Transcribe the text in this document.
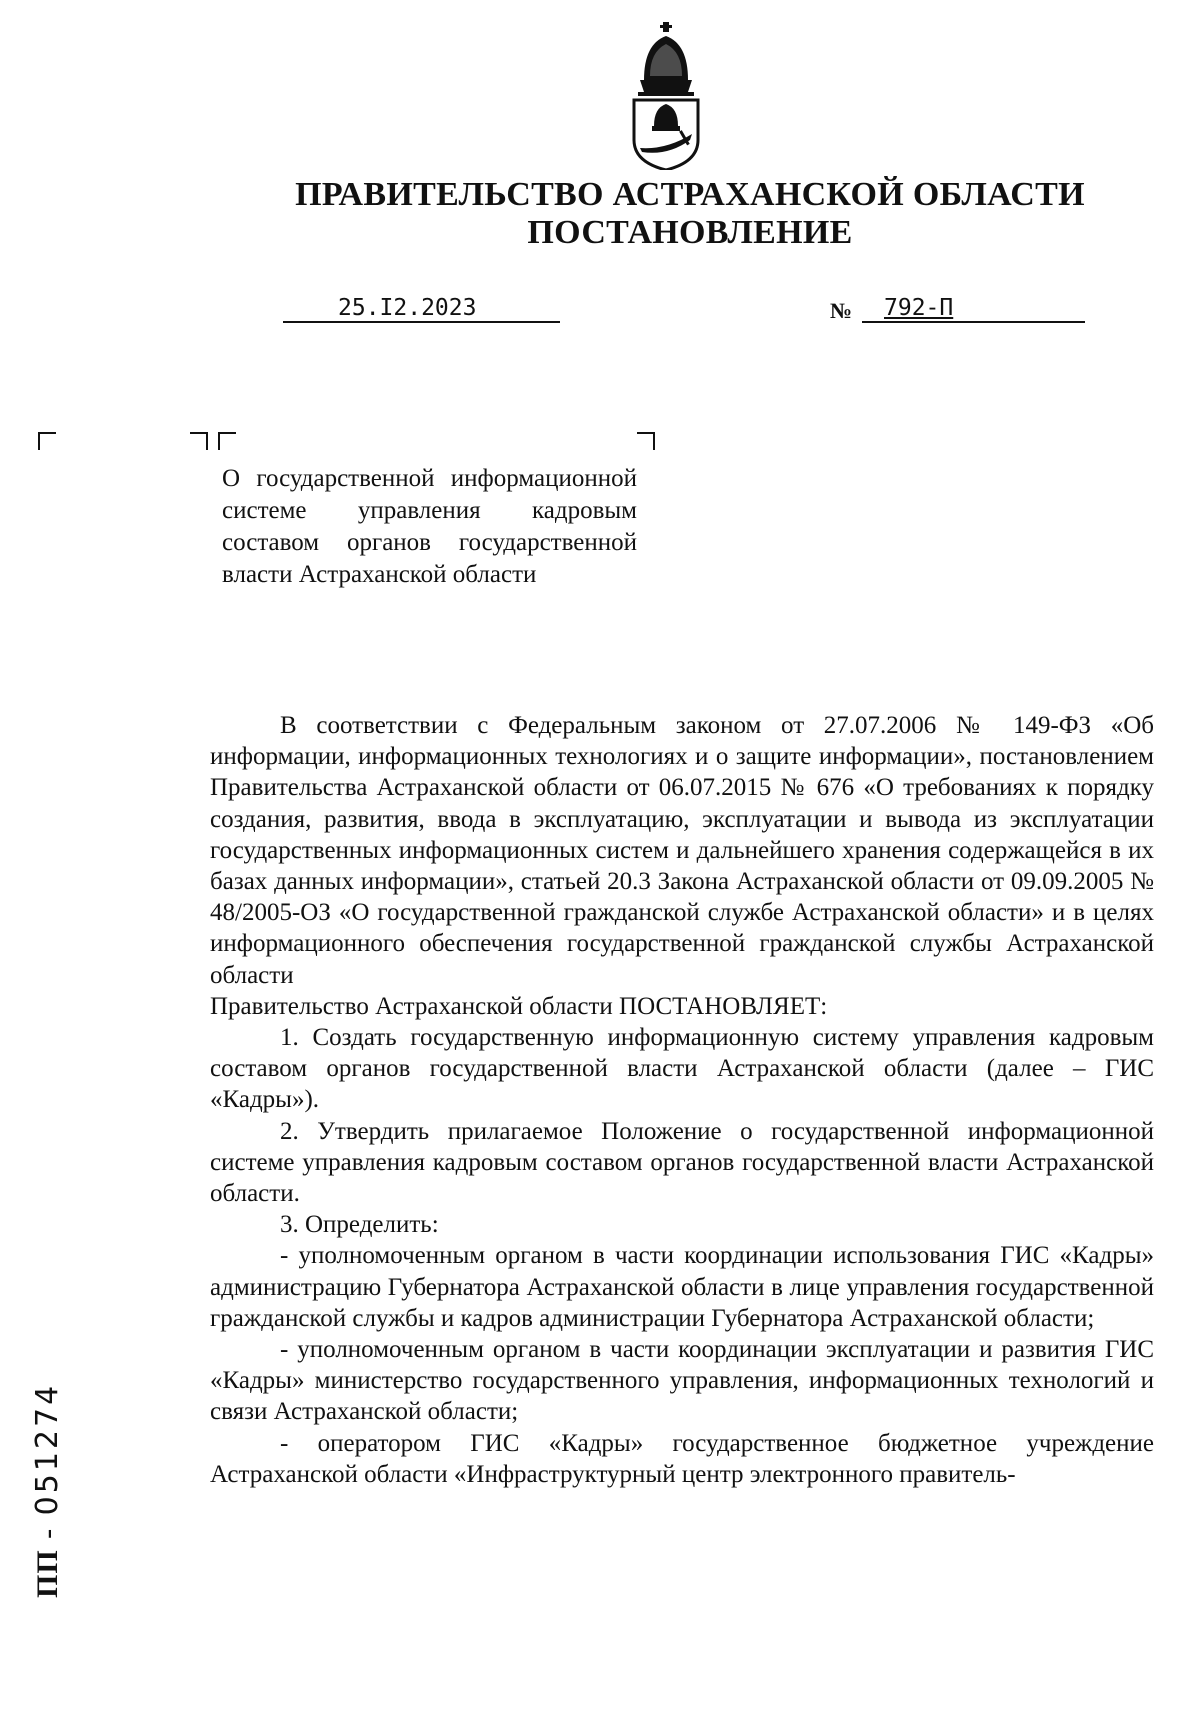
ПРАВИТЕЛЬСТВО АСТРАХАНСКОЙ ОБЛАСТИ
ПОСТАНОВЛЕНИЕ
25.I2.2023	№ 792-П
О государственной информационной системе управления кадровым составом органов государственной власти Астраханской области

В соответствии с Федеральным законом от 27.07.2006 № 149-ФЗ «Об информации, информационных технологиях и о защите информации», постановлением Правительства Астраханской области от 06.07.2015 № 676 «О требованиях к порядку создания, развития, ввода в эксплуатацию, эксплуатации и вывода из эксплуатации государственных информационных систем и дальнейшего хранения содержащейся в их базах данных информации», статьей 20.3 Закона Астраханской области от 09.09.2005 № 48/2005-ОЗ «О государственной гражданской службе Астраханской области» и в целях информационного обеспечения государственной гражданской службы Астраханской области

Правительство Астраханской области ПОСТАНОВЛЯЕТ:

1. Создать государственную информационную систему управления кадровым составом органов государственной власти Астраханской области (далее – ГИС «Кадры»).

2. Утвердить прилагаемое Положение о государственной информационной системе управления кадровым составом органов государственной власти Астраханской области.

3. Определить:

- уполномоченным органом в части координации использования ГИС «Кадры» администрацию Губернатора Астраханской области в лице управления государственной гражданской службы и кадров администрации Губернатора Астраханской области;

- уполномоченным органом в части координации эксплуатации и развития ГИС «Кадры» министерство государственного управления, информационных технологий и связи Астраханской области;

- оператором ГИС «Кадры» государственное бюджетное учреждение Астраханской области «Инфраструктурный центр электронного правитель-

ПП - 051274
